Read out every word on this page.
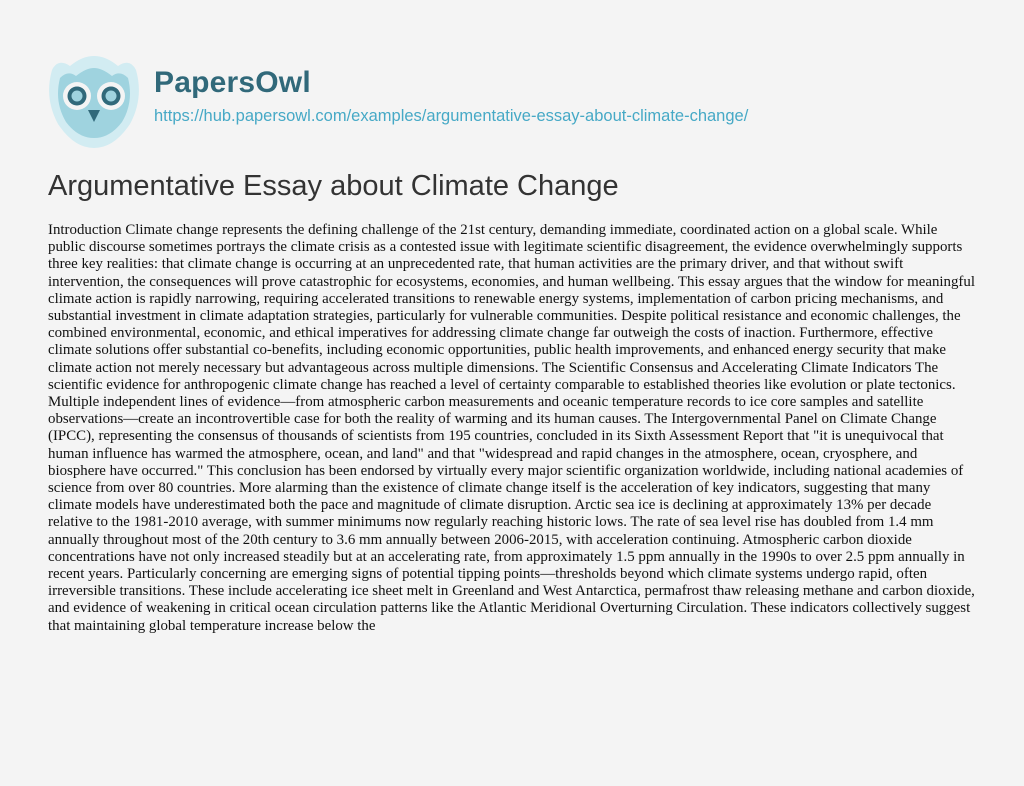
PapersOwl
https://hub.papersowl.com/examples/argumentative-essay-about-climate-change/
Argumentative Essay about Climate Change

Introduction Climate change represents the defining challenge of the 21st century, demanding immediate, coordinated action on a global scale. While public discourse sometimes portrays the climate crisis as a contested issue with legitimate scientific disagreement, the evidence overwhelmingly supports three key realities: that climate change is occurring at an unprecedented rate, that human activities are the primary driver, and that without swift intervention, the consequences will prove catastrophic for ecosystems, economies, and human wellbeing. This essay argues that the window for meaningful climate action is rapidly narrowing, requiring accelerated transitions to renewable energy systems, implementation of carbon pricing mechanisms, and substantial investment in climate adaptation strategies, particularly for vulnerable communities. Despite political resistance and economic challenges, the combined environmental, economic, and ethical imperatives for addressing climate change far outweigh the costs of inaction. Furthermore, effective climate solutions offer substantial co-benefits, including economic opportunities, public health improvements, and enhanced energy security that make climate action not merely necessary but advantageous across multiple dimensions. The Scientific Consensus and Accelerating Climate Indicators The scientific evidence for anthropogenic climate change has reached a level of certainty comparable to established theories like evolution or plate tectonics. Multiple independent lines of evidence—from atmospheric carbon measurements and oceanic temperature records to ice core samples and satellite observations—create an incontrovertible case for both the reality of warming and its human causes. The Intergovernmental Panel on Climate Change (IPCC), representing the consensus of thousands of scientists from 195 countries, concluded in its Sixth Assessment Report that "it is unequivocal that human influence has warmed the atmosphere, ocean, and land" and that "widespread and rapid changes in the atmosphere, ocean, cryosphere, and biosphere have occurred." This conclusion has been endorsed by virtually every major scientific organization worldwide, including national academies of science from over 80 countries. More alarming than the existence of climate change itself is the acceleration of key indicators, suggesting that many climate models have underestimated both the pace and magnitude of climate disruption. Arctic sea ice is declining at approximately 13% per decade relative to the 1981-2010 average, with summer minimums now regularly reaching historic lows. The rate of sea level rise has doubled from 1.4 mm annually throughout most of the 20th century to 3.6 mm annually between 2006-2015, with acceleration continuing. Atmospheric carbon dioxide concentrations have not only increased steadily but at an accelerating rate, from approximately 1.5 ppm annually in the 1990s to over 2.5 ppm annually in recent years. Particularly concerning are emerging signs of potential tipping points—thresholds beyond which climate systems undergo rapid, often irreversible transitions. These include accelerating ice sheet melt in Greenland and West Antarctica, permafrost thaw releasing methane and carbon dioxide, and evidence of weakening in critical ocean circulation patterns like the Atlantic Meridional Overturning Circulation. These indicators collectively suggest that maintaining global temperature increase below the
